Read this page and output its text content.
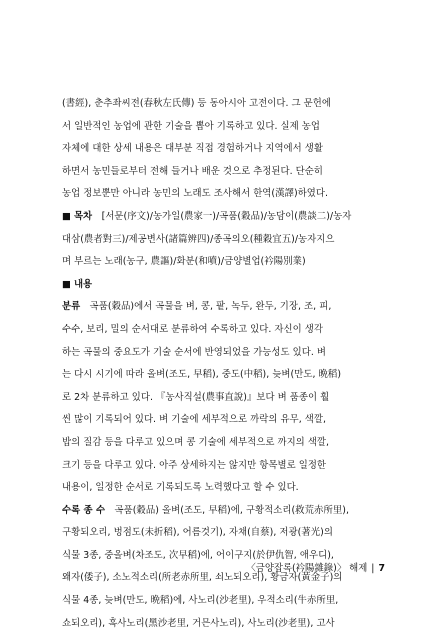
(書經), 춘추좌씨전(春秋左氏傳) 등 동아시아 고전이다. 그 문헌에
서 일반적인 농업에 관한 기술을 뽑아 기록하고 있다. 실제 농업
자체에 대한 상세 내용은 대부분 직접 경험하거나 지역에서 생활
하면서 농민들로부터 전해 들거나 배운 것으로 추정된다. 단순히
농업 정보뿐만 아니라 농민의 노래도 조사해서 한역(漢譯)하였다.
■ 목차  [서문(序文)/농가일(農家一)/곡품(穀品)/농담이(農談二)/농자
대삼(農者對三)/제공변사(諸篇辨四)/종곡의오(種穀宜五)/농자지으
며 부르는 노래(농구, 農謳)/화분(和噴)/금양별업(衿陽別業)
■ 내용 
분류  곡품(穀品)에서 곡물을 벼, 콩, 팥, 녹두, 완두, 기장, 조, 피,
수수, 보리, 밀의 순서대로 분류하여 수록하고 있다. 자신이 생각
하는 곡물의 중요도가 기술 순서에 반영되었을 가능성도 있다. 벼
는 다시 시기에 따라 올벼(조도, 早稻), 중도(中稻), 늦벼(만도, 晩稻)
로 2차 분류하고 있다. 『농사직설(農事直說)』보다 벼 품종이 훨
씬 많이 기록되어 있다. 벼 기술에 세부적으로 까락의 유무, 색깔,
밥의 질감 등을 다루고 있으며 콩 기술에 세부적으로 까지의 색깔,
크기 등을 다루고 있다. 아주 상세하지는 않지만 항목별로 일정한
내용이, 일정한 순서로 기록되도록 노력했다고 할 수 있다.
수록 종 수  곡품(穀品) 올벼(조도, 早稻)에, 구황적소리(救荒赤所里),
구황되오리, 벙점도(未折稻), 어름것기), 자채(自蔡), 저광(著光)의
식물 3종, 중올벼(차조도, 次早稻)에, 어이구지(於伊仇智, 애우디),
왜자(倭子), 소노적소리(所老赤所里, 쇠노되오리), 황금자(黃金子)의
식물 4종, 늦벼(만도, 晩稻)에, 사노리(沙老里), 우적소리(牛赤所里,
쇼되오리), 흑사노리(黑沙老里, 거믄사노리), 사노리(沙老里), 고사
〈금양잡록(衿陽雜錄)〉 해제 | 7
